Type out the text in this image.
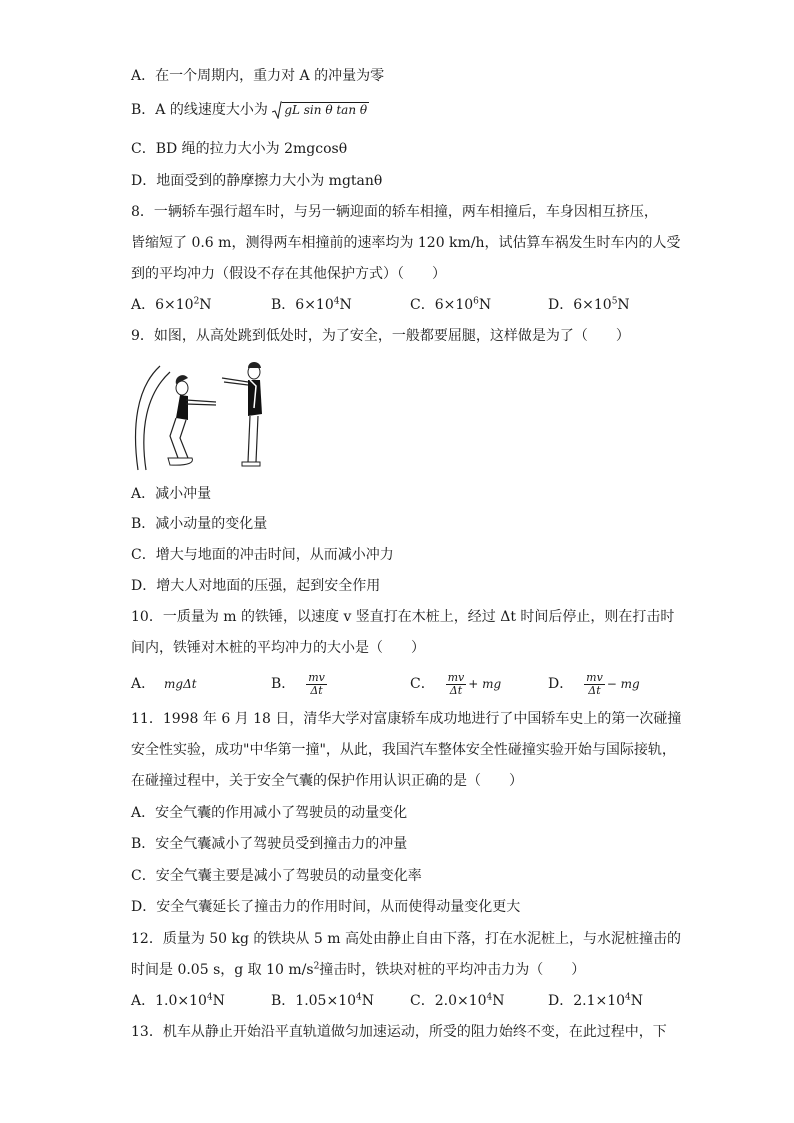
A．在一个周期内，重力对 A 的冲量为零
B．A 的线速度大小为 gL sin θ tan θ
C．BD 绳的拉力大小为 2mgcosθ
D．地面受到的静摩擦力大小为 mgtanθ
8．一辆轿车强行超车时，与另一辆迎面的轿车相撞，两车相撞后，车身因相互挤压，
皆缩短了 0.6 m，测得两车相撞前的速率均为 120 km/h，试估算车祸发生时车内的人受
到的平均冲力（假设不存在其他保护方式）（　　）
A．$6\times 10^2N$	B．$6\times 10^4N$	C．$6\times 10^6N$	D．$6\times 10^5N$
9．如图，从高处跳到低处时，为了安全，一般都要屈腿，这样做是为了（　　）
A．减小冲量
B．减小动量的变化量
C．增大与地面的冲击时间，从而减小冲力
D．增大人对地面的压强，起到安全作用
10．一质量为 m 的铁锤，以速度 v 竖直打在木桩上，经过 Δt 时间后停止，则在打击时
间内，铁锤对木桩的平均冲力的大小是（　　）
A． mgΔt	B． $\frac{mv}{\Delta t}$	C． $\frac{mv}{\Delta t}$ + mg	D． $\frac{mv}{\Delta t}$ − mg
11．1998 年 6 月 18 日，清华大学对富康轿车成功地进行了中国轿车史上的第一次碰撞
安全性实验，成功"中华第一撞"，从此，我国汽车整体安全性碰撞实验开始与国际接轨，
在碰撞过程中，关于安全气囊的保护作用认识正确的是（　　）
A．安全气囊的作用减小了驾驶员的动量变化
B．安全气囊减小了驾驶员受到撞击力的冲量
C．安全气囊主要是减小了驾驶员的动量变化率
D．安全气囊延长了撞击力的作用时间，从而使得动量变化更大
12．质量为 50 kg 的铁块从 5 m 高处由静止自由下落，打在水泥桩上，与水泥桩撞击的
时间是 0.05 s，g 取 10 $m/s^2$撞击时，铁块对桩的平均冲击力为（　　）
A．$1.0\times 10^4N$	B．$1.05\times 10^4N$	C．$2.0\times 10^4N$	D．$2.1\times 10^4N$
13．机车从静止开始沿平直轨道做匀加速运动，所受的阻力始终不变，在此过程中，下
